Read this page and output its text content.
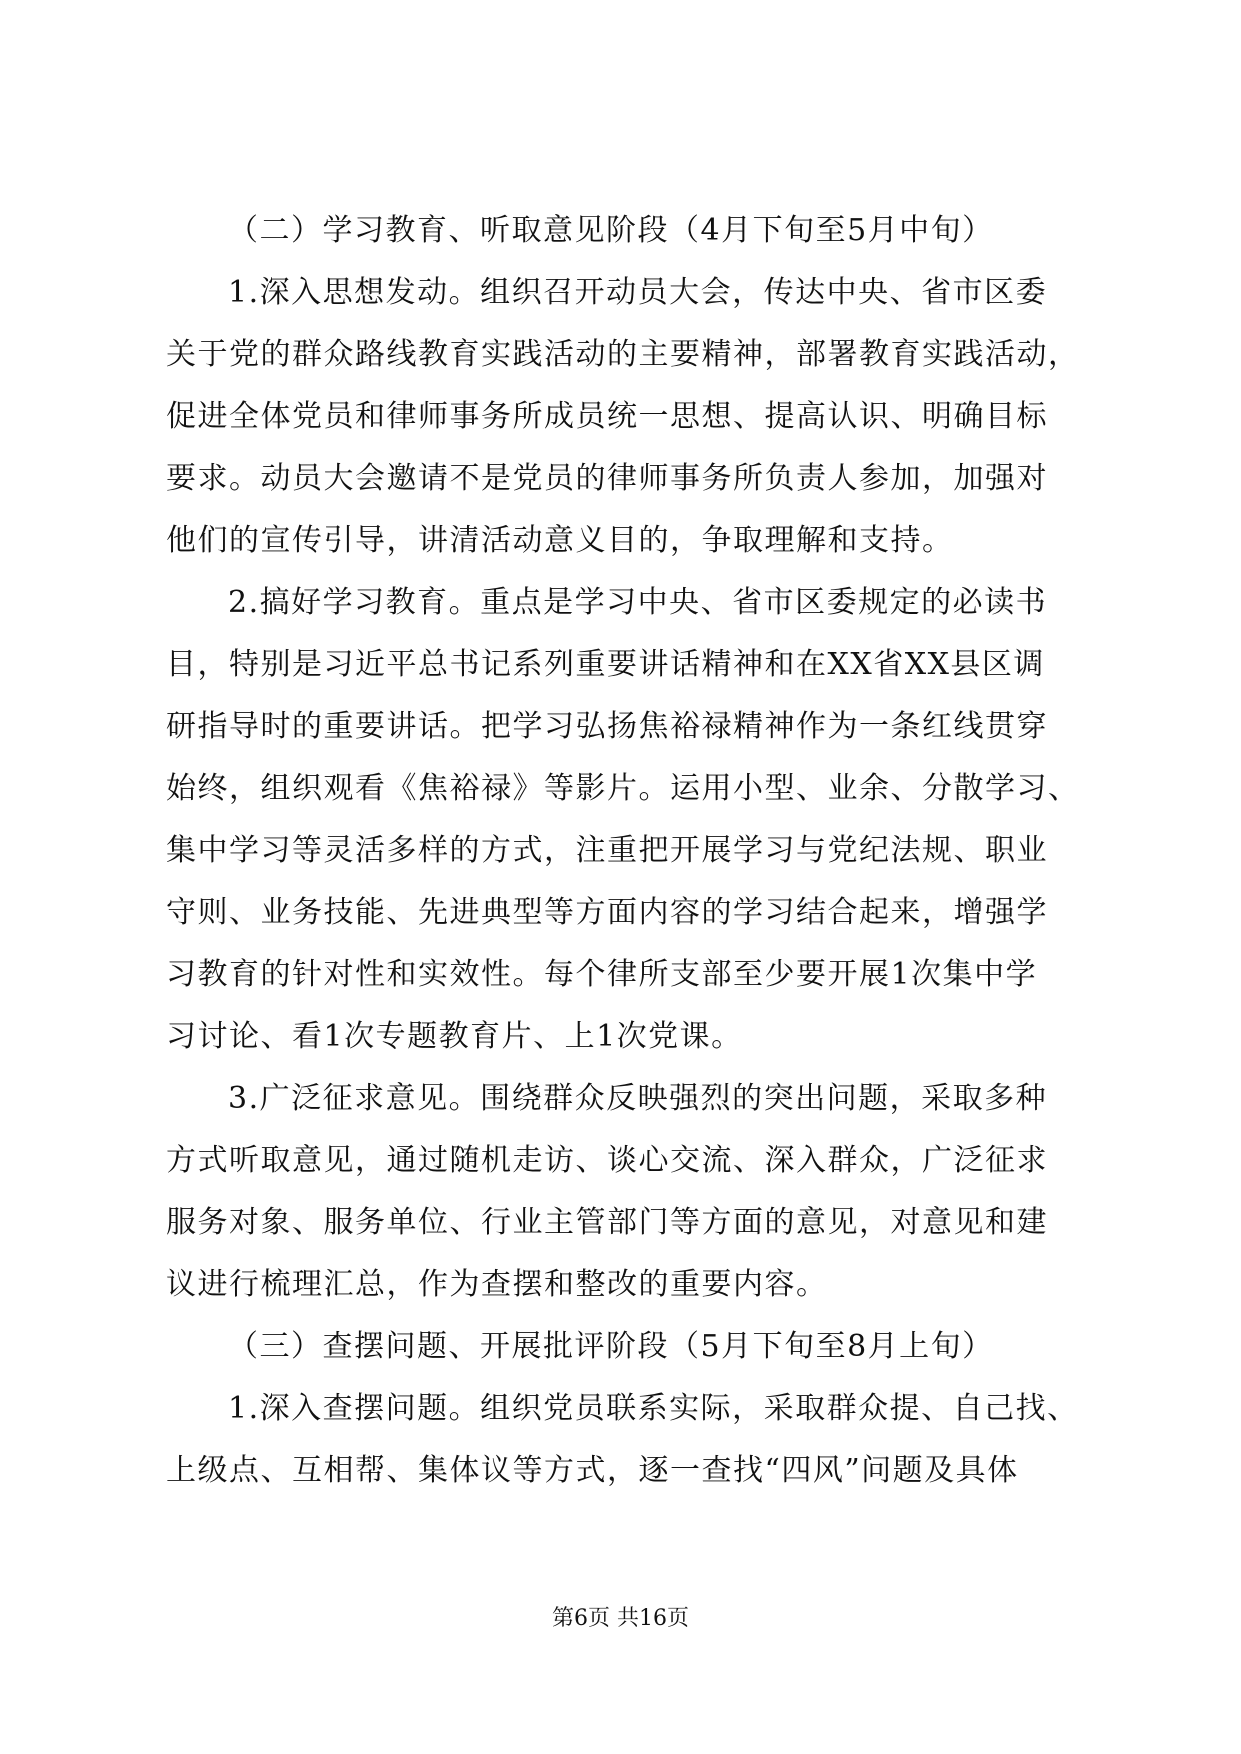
（二）学习教育、听取意见阶段（4月下旬至5月中旬）
1.深入思想发动。组织召开动员大会，传达中央、省市区委
关于党的群众路线教育实践活动的主要精神，部署教育实践活动，
促进全体党员和律师事务所成员统一思想、提高认识、明确目标
要求。动员大会邀请不是党员的律师事务所负责人参加，加强对
他们的宣传引导，讲清活动意义目的，争取理解和支持。
2.搞好学习教育。重点是学习中央、省市区委规定的必读书
目，特别是习近平总书记系列重要讲话精神和在XX省XX县区调
研指导时的重要讲话。把学习弘扬焦裕禄精神作为一条红线贯穿
始终，组织观看《焦裕禄》等影片。运用小型、业余、分散学习、
集中学习等灵活多样的方式，注重把开展学习与党纪法规、职业
守则、业务技能、先进典型等方面内容的学习结合起来，增强学
习教育的针对性和实效性。每个律所支部至少要开展1次集中学
习讨论、看1次专题教育片、上1次党课。
3.广泛征求意见。围绕群众反映强烈的突出问题，采取多种
方式听取意见，通过随机走访、谈心交流、深入群众，广泛征求
服务对象、服务单位、行业主管部门等方面的意见，对意见和建
议进行梳理汇总，作为查摆和整改的重要内容。
（三）查摆问题、开展批评阶段（5月下旬至8月上旬）
1.深入查摆问题。组织党员联系实际，采取群众提、自己找、
上级点、互相帮、集体议等方式，逐一查找“四风”问题及具体
第6页 共16页
